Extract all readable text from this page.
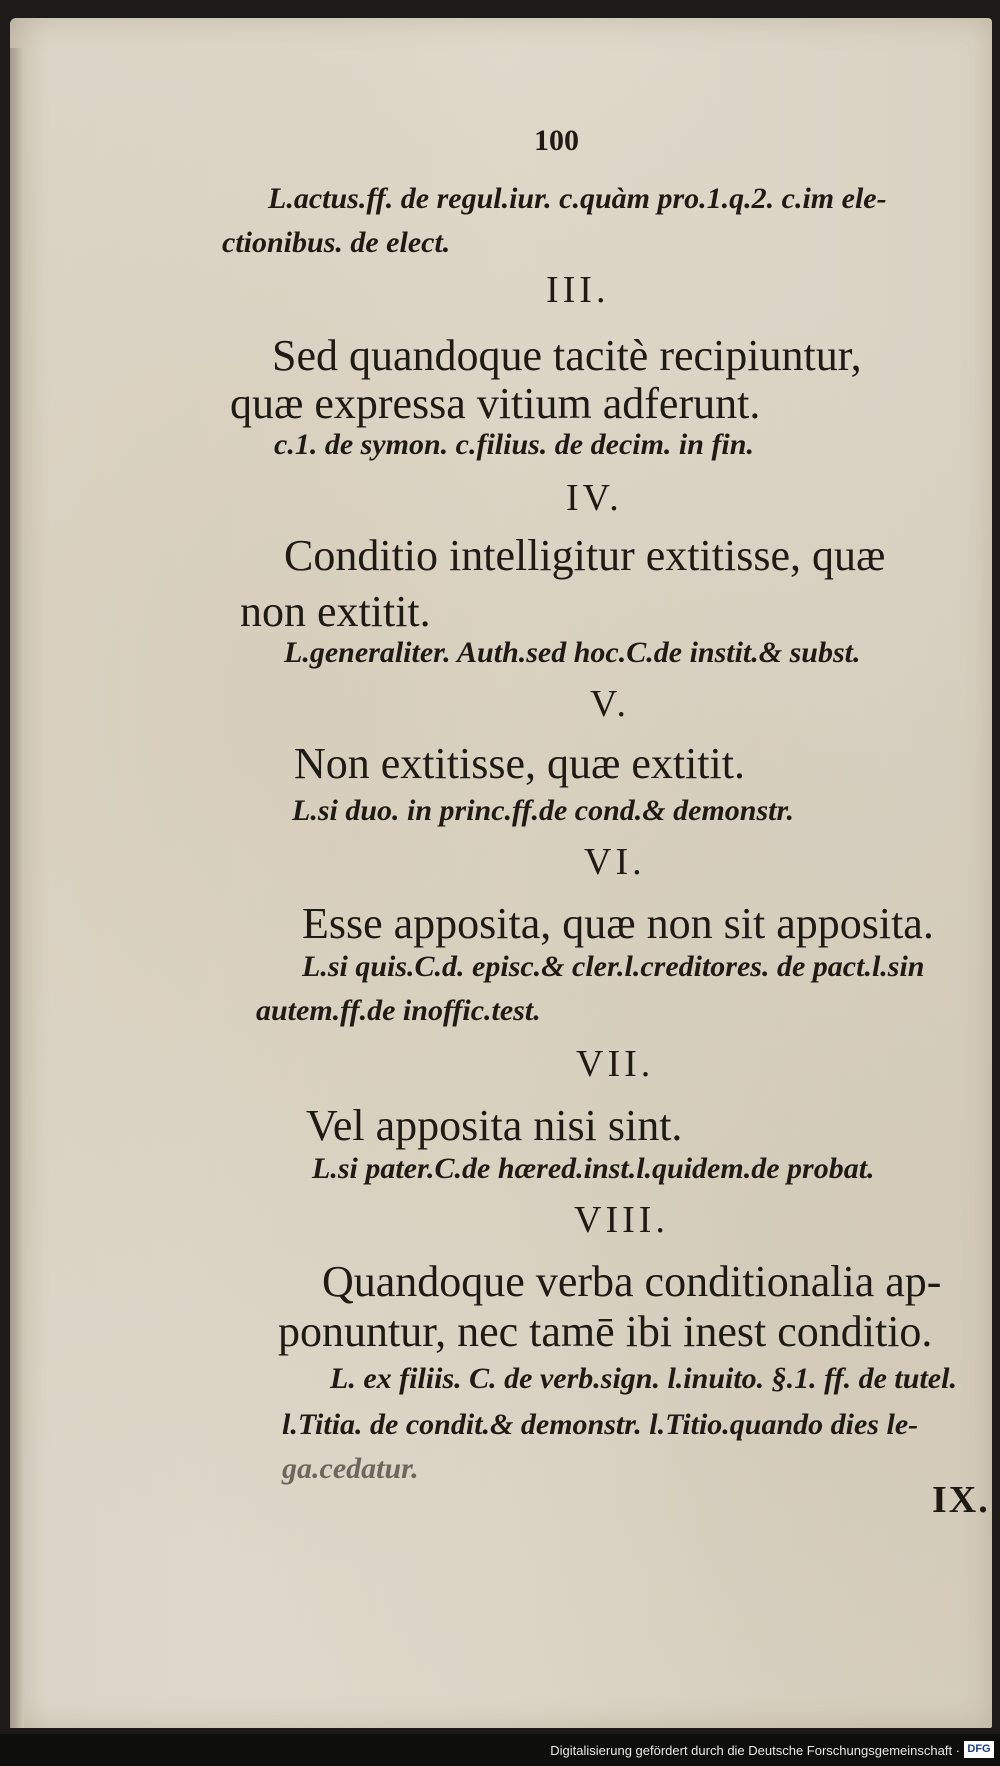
100
L.actus.ff. de regul.iur. c.quàm pro.1.q.2. c.im ele-
ctionibus. de elect.
III.
Sed quandoque tacitè recipiuntur,
quæ expressa vitium adferunt.
c.1. de symon. c.filius. de decim. in fin.
IV.
Conditio intelligitur extitisse, quæ
non extitit.
L.generaliter. Auth.sed hoc.C.de instit.& subst.
V.
Non extitisse, quæ extitit.
L.si duo. in princ.ff.de cond.& demonstr.
VI.
Esse apposita, quæ non sit apposita.
L.si quis.C.d. episc.& cler.l.creditores. de pact.l.sin
autem.ff.de inoffic.test.
VII.
Vel apposita nisi sint.
L.si pater.C.de hæred.inst.l.quidem.de probat.
VIII.
Quandoque verba conditionalia ap-
ponuntur, nec tamē ibi inest conditio.
L. ex filiis. C. de verb.sign. l.inuito. §.1. ff. de tutel.
l.Titia. de condit.& demonstr. l.Titio.quando dies le-
ga.cedatur.
IX.
Digitalisierung gefördert durch die Deutsche Forschungsgemeinschaft · DFG
